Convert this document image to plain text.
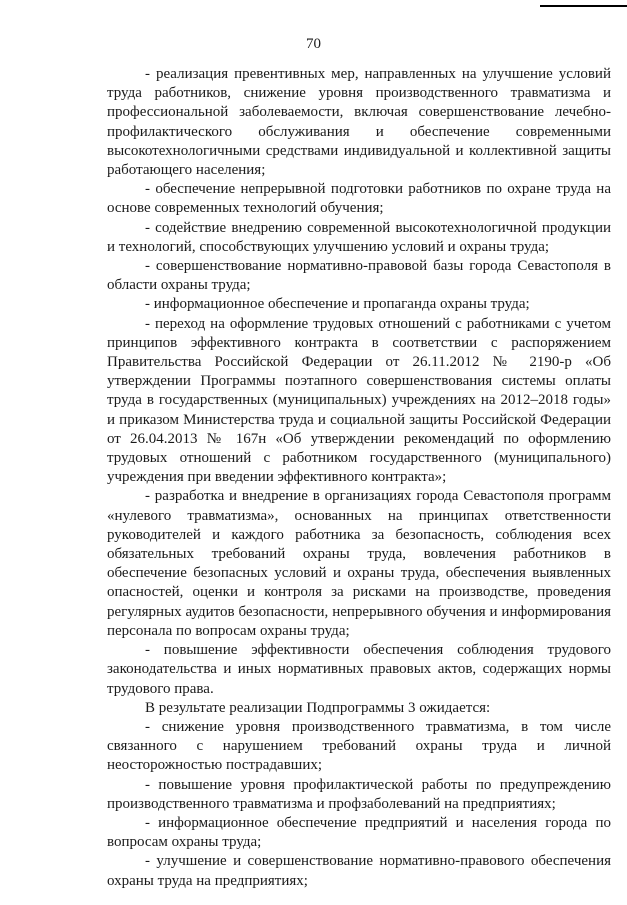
70

- реализация превентивных мер, направленных на улучшение условий труда работников, снижение уровня производственного травматизма и профессиональной заболеваемости, включая совершенствование лечебно-профилактического обслуживания и обеспечение современными высокотехнологичными средствами индивидуальной и коллективной защиты работающего населения;

- обеспечение непрерывной подготовки работников по охране труда на основе современных технологий обучения;

- содействие внедрению современной высокотехнологичной продукции и технологий, способствующих улучшению условий и охраны труда;

- совершенствование нормативно-правовой базы города Севастополя в области охраны труда;

- информационное обеспечение и пропаганда охраны труда;

- переход на оформление трудовых отношений с работниками с учетом принципов эффективного контракта в соответствии с распоряжением Правительства Российской Федерации от 26.11.2012 № 2190-р «Об утверждении Программы поэтапного совершенствования системы оплаты труда в государственных (муниципальных) учреждениях на 2012–2018 годы» и приказом Министерства труда и социальной защиты Российской Федерации от 26.04.2013 № 167н «Об утверждении рекомендаций по оформлению трудовых отношений с работником государственного (муниципального) учреждения при введении эффективного контракта»;

- разработка и внедрение в организациях города Севастополя программ «нулевого травматизма», основанных на принципах ответственности руководителей и каждого работника за безопасность, соблюдения всех обязательных требований охраны труда, вовлечения работников в обеспечение безопасных условий и охраны труда, обеспечения выявленных опасностей, оценки и контроля за рисками на производстве, проведения регулярных аудитов безопасности, непрерывного обучения и информирования персонала по вопросам охраны труда;

- повышение эффективности обеспечения соблюдения трудового законодательства и иных нормативных правовых актов, содержащих нормы трудового права.

В результате реализации Подпрограммы 3 ожидается:

- снижение уровня производственного травматизма, в том числе связанного с нарушением требований охраны труда и личной неосторожностью пострадавших;

- повышение уровня профилактической работы по предупреждению производственного травматизма и профзаболеваний на предприятиях;

- информационное обеспечение предприятий и населения города по вопросам охраны труда;

- улучшение и совершенствование нормативно-правового обеспечения охраны труда на предприятиях;
